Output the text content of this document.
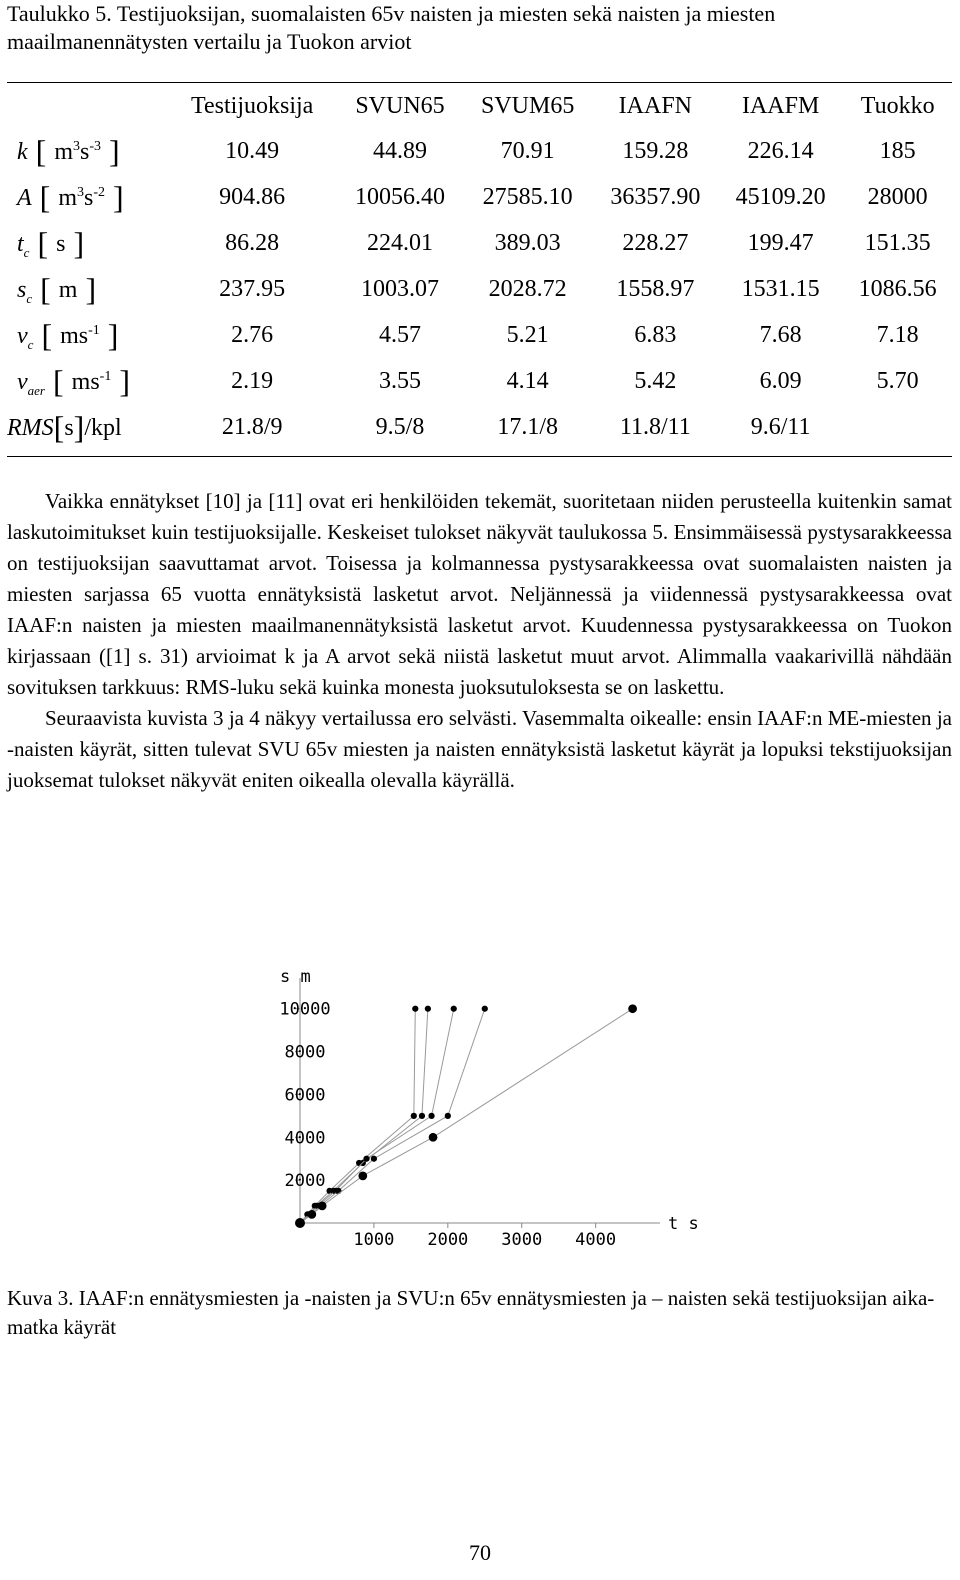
Taulukko 5. Testijuoksijan, suomalaisten 65v naisten ja miesten sekä naisten ja miesten maailmanennätysten vertailu ja Tuokon arviot
	Testijuoksija	SVUN65	SVUM65	IAAFN	IAAFM	Tuokko
k [ $m^3s^{-3}$ ]	10.49	44.89	70.91	159.28	226.14	185
A [ $m^3s^{-2}$ ]	904.86	10056.40	27585.10	36357.90	45109.20	28000
$t_c$ [ s ]	86.28	224.01	389.03	228.27	199.47	151.35
$s_c$ [ m ]	237.95	1003.07	2028.72	1558.97	1531.15	1086.56
$v_c$ [ $ms^{-1}$ ]	2.76	4.57	5.21	6.83	7.68	7.18
$v_{aer}$ [ $ms^{-1}$ ]	2.19	3.55	4.14	5.42	6.09	5.70
RMS[s]/kpl	21.8/9	9.5/8	17.1/8	11.8/11	9.6/11	

Vaikka ennätykset [10] ja [11] ovat eri henkilöiden tekemät, suoritetaan niiden perusteella kuitenkin samat laskutoimitukset kuin testijuoksijalle. Keskeiset tulokset näkyvät taulukossa 5. Ensimmäisessä pystysarakkeessa on testijuoksijan saavuttamat arvot. Toisessa ja kolmannessa pystysarakkeessa ovat suomalaisten naisten ja miesten sarjassa 65 vuotta ennätyksistä lasketut arvot. Neljännessä ja viidennessä pystysarakkeessa ovat IAAF:n naisten ja miesten maailmanennätyksistä lasketut arvot. Kuudennessa pystysarakkeessa on Tuokon kirjassaan ([1] s. 31) arvioimat k ja A arvot sekä niistä lasketut muut arvot. Alimmalla vaakarivillä nähdään sovituksen tarkkuus: RMS-luku sekä kuinka monesta juoksutuloksesta se on laskettu.

Seuraavista kuvista 3 ja 4 näkyy vertailussa ero selvästi. Vasemmalta oikealle: ensin IAAF:n ME-miesten ja -naisten käyrät, sitten tulevat SVU 65v miesten ja naisten ennätyksistä lasketut käyrät ja lopuksi tekstijuoksijan juoksemat tulokset näkyvät eniten oikealla olevalla käyrällä.

s m
t s
1000 2000 3000 4000
2000
4000
6000
8000
10000
Kuva 3. IAAF:n ennätysmiesten ja -naisten ja SVU:n 65v ennätysmiesten ja – naisten sekä testijuoksijan aika-matka käyrät
70
